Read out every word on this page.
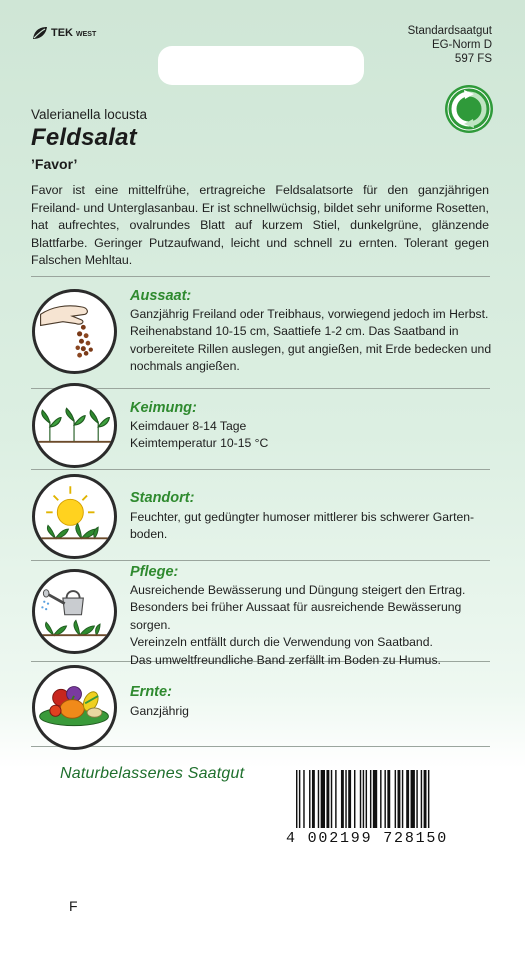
TEK WEST	Standardsaatgut
EG-Norm D
597 FS
Valerianella locusta
Feldsalat
’Favor’
Favor ist eine mittelfrühe, ertragreiche Feldsalatsorte für den ganzjährigen Freiland- und Unterglasanbau. Er ist schnellwüchsig, bildet sehr uniforme Rosetten, hat aufrechtes, ovalrundes Blatt auf kurzem Stiel, dunkelgrüne, glänzende Blattfarbe. Geringer Putzaufwand, leicht und schnell zu ernten. Tolerant gegen Falschen Mehltau.
Aussaat:
Ganzjährig Freiland oder Treibhaus, vorwiegend jedoch im Herbst.
Reihenabstand 10-15 cm, Saattiefe 1-2 cm. Das Saatband in
vorbereitete Rillen auslegen, gut angießen, mit Erde bedecken und
nochmals angießen.
Keimung:
Keimdauer 8-14 Tage
Keimtemperatur 10-15 °C
Standort:
Feuchter, gut gedüngter humoser mittlerer bis schwerer Garten-
boden.
Pflege:
Ausreichende Bewässerung und Düngung steigert den Ertrag.
Besonders bei früher Aussaat für ausreichende Bewässerung sorgen.
Vereinzeln entfällt durch die Verwendung von Saatband.
Das umweltfreundliche Band zerfällt im Boden zu Humus.
Ernte:
Ganzjährig
Naturbelassenes Saatgut
4 002199 728150
F
